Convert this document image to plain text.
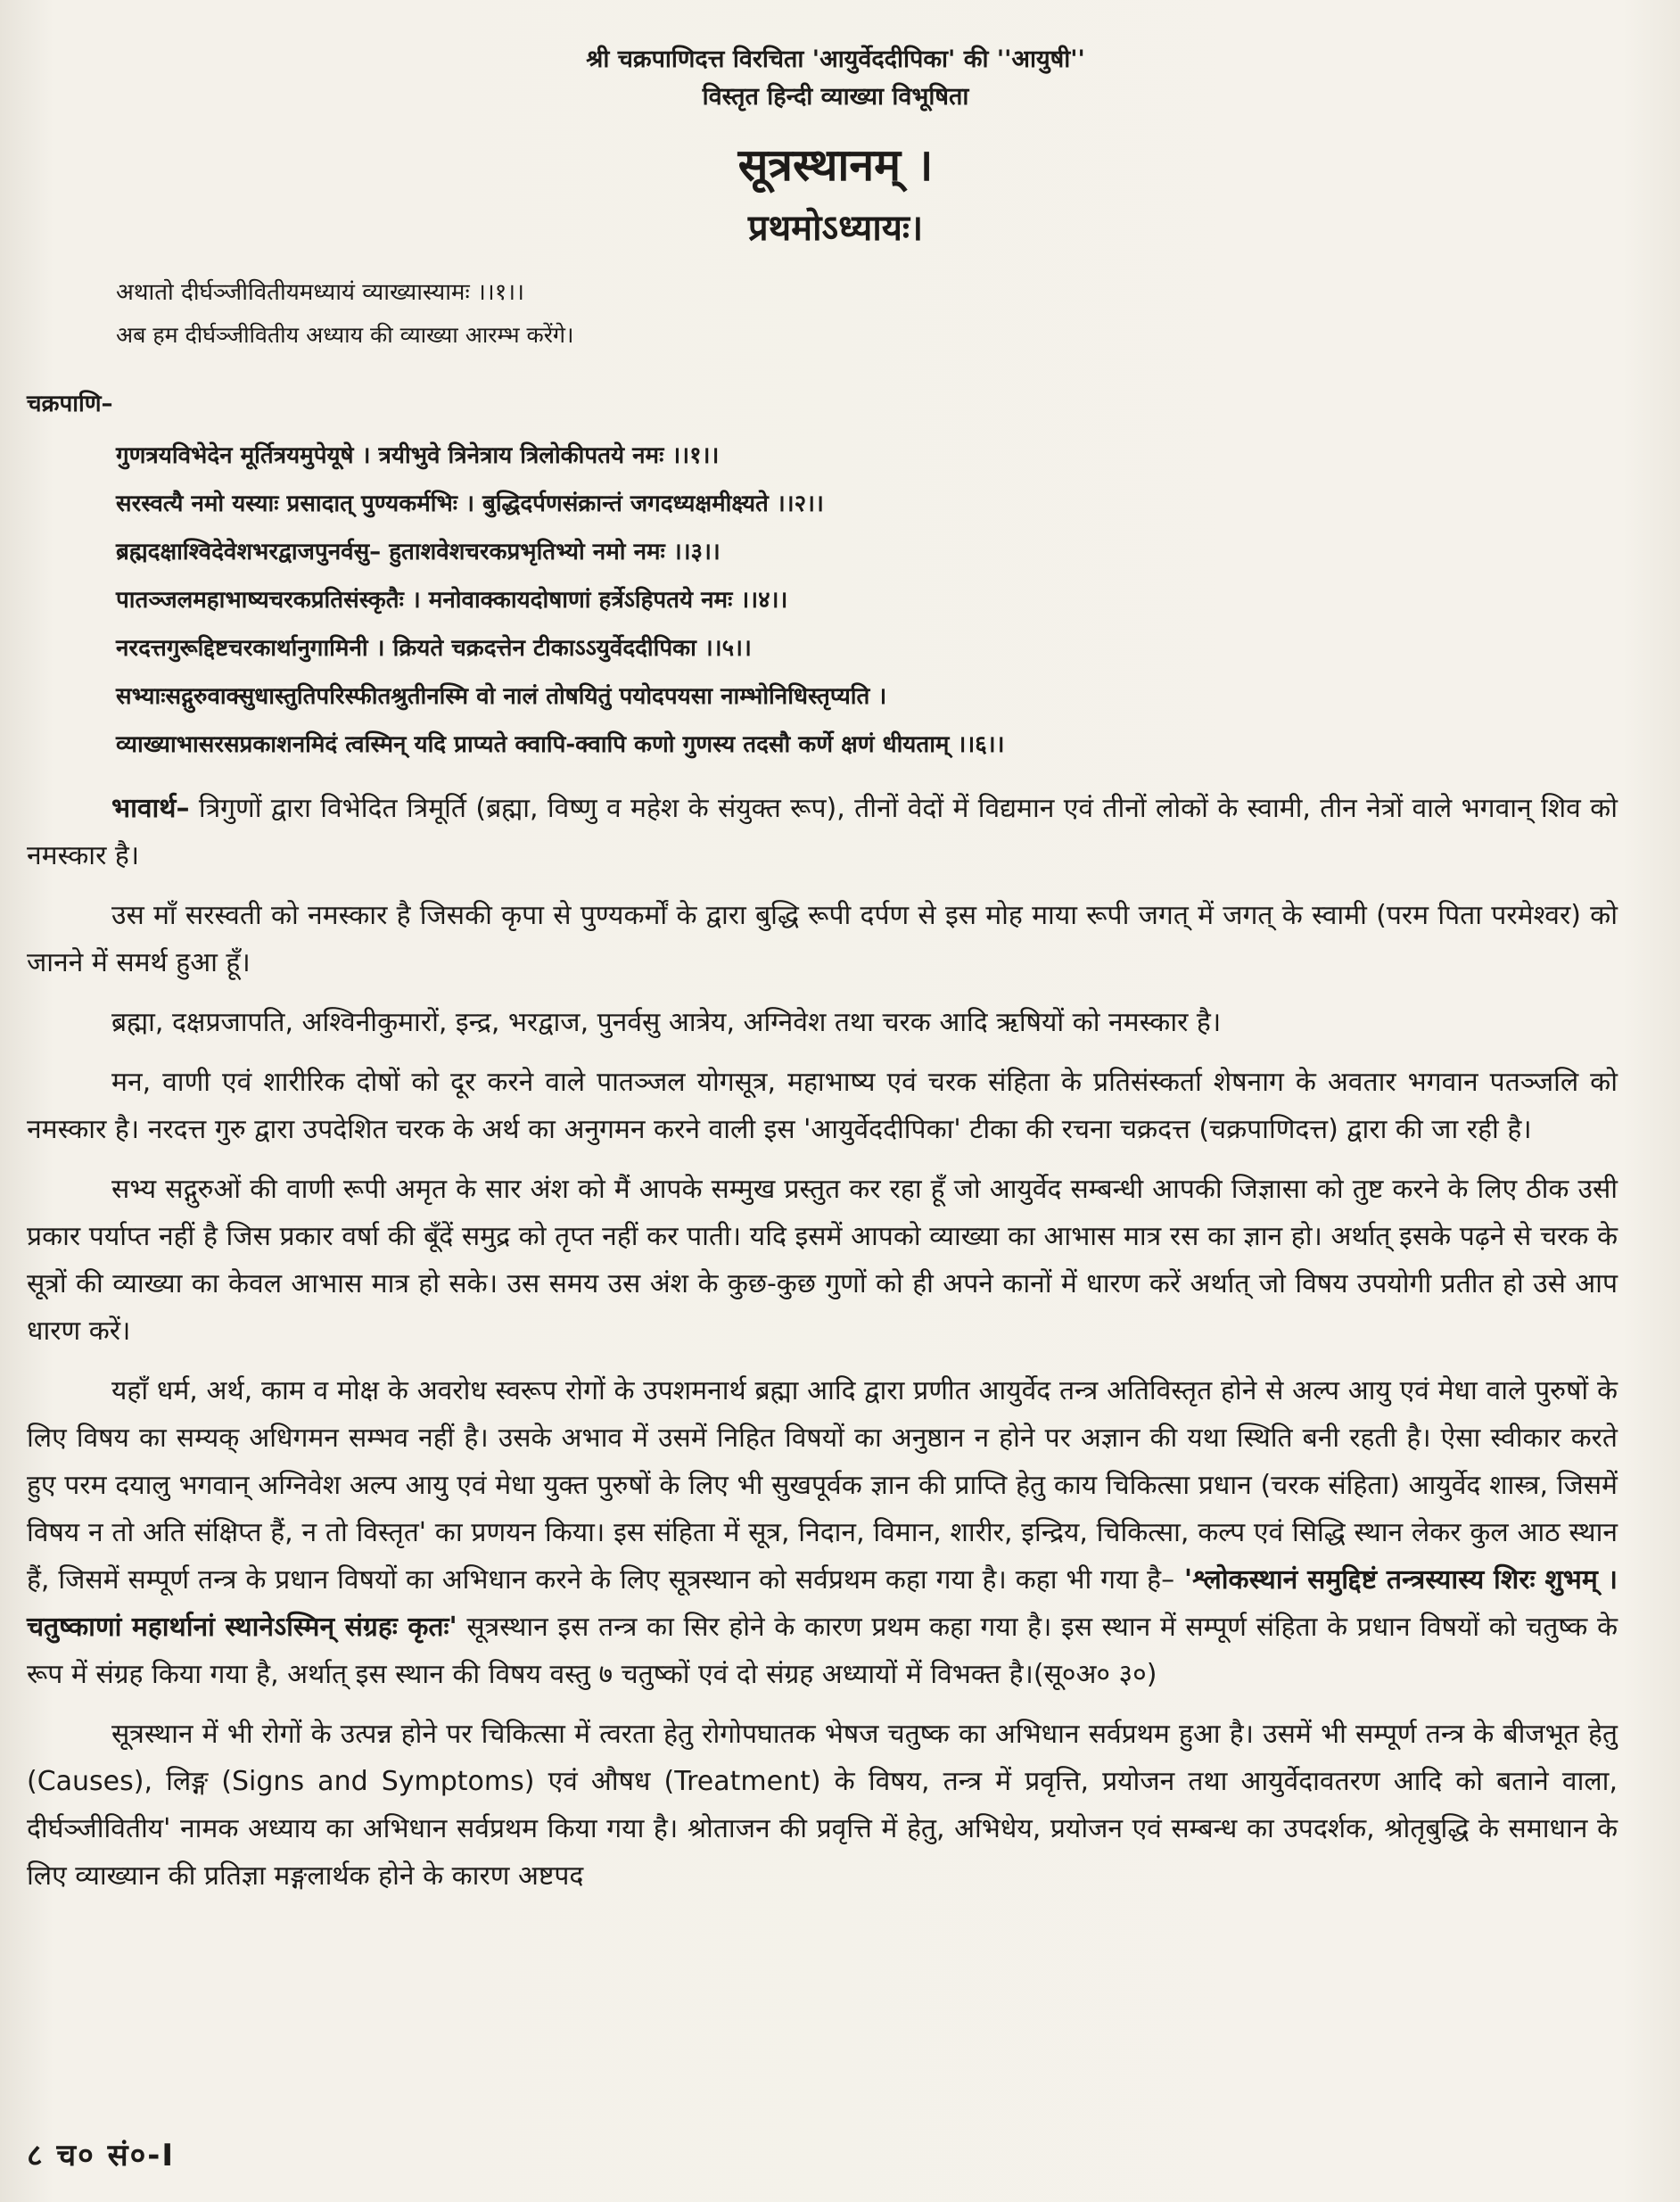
श्री चक्रपाणिदत्त विरचिता 'आयुर्वेददीपिका' की ''आयुषी''

विस्तृत हिन्दी व्याख्या विभूषिता

सूत्रस्थानम् ।
प्रथमोऽध्यायः।

अथातो दीर्घञ्जीवितीयमध्यायं व्याख्यास्यामः ।।१।।

अब हम दीर्घञ्जीवितीय अध्याय की व्याख्या आरम्भ करेंगे।

चक्रपाणि–

गुणत्रयविभेदेन मूर्तित्रयमुपेयूषे । त्रयीभुवे त्रिनेत्राय त्रिलोकीपतये नमः ।।१।।

सरस्वत्यै नमो यस्याः प्रसादात् पुण्यकर्मभिः । बुद्धिदर्पणसंक्रान्तं जगदध्यक्षमीक्ष्यते ।।२।।

ब्रह्मदक्षाश्विदेवेशभरद्वाजपुनर्वसु– हुताशवेशचरकप्रभृतिभ्यो नमो नमः ।।३।।

पातञ्जलमहाभाष्यचरकप्रतिसंस्कृतैः । मनोवाक्कायदोषाणां हर्त्रेऽहिपतये नमः ।।४।।

नरदत्तगुरूद्दिष्टचरकार्थानुगामिनी । क्रियते चक्रदत्तेन टीकाऽऽयुर्वेददीपिका ।।५।।

सभ्याःसद्गुरुवाक्सुधास्तुतिपरिस्फीतश्रुतीनस्मि वो नालं तोषयितुं पयोदपयसा नाम्भोनिधिस्तृप्यति ।

व्याख्याभासरसप्रकाशनमिदं त्वस्मिन् यदि प्राप्यते क्वापि-क्वापि कणो गुणस्य तदसौ कर्णे क्षणं धीयताम् ।।६।।

भावार्थ– त्रिगुणों द्वारा विभेदित त्रिमूर्ति (ब्रह्मा, विष्णु व महेश के संयुक्त रूप), तीनों वेदों में विद्यमान एवं तीनों लोकों के स्वामी, तीन नेत्रों वाले भगवान् शिव को नमस्कार है।

उस माँ सरस्वती को नमस्कार है जिसकी कृपा से पुण्यकर्मों के द्वारा बुद्धि रूपी दर्पण से इस मोह माया रूपी जगत् में जगत् के स्वामी (परम पिता परमेश्वर) को जानने में समर्थ हुआ हूँ।

ब्रह्मा, दक्षप्रजापति, अश्विनीकुमारों, इन्द्र, भरद्वाज, पुनर्वसु आत्रेय, अग्निवेश तथा चरक आदि ऋषियों को नमस्कार है।

मन, वाणी एवं शारीरिक दोषों को दूर करने वाले पातञ्जल योगसूत्र, महाभाष्य एवं चरक संहिता के प्रतिसंस्कर्ता शेषनाग के अवतार भगवान पतञ्जलि को नमस्कार है। नरदत्त गुरु द्वारा उपदेशित चरक के अर्थ का अनुगमन करने वाली इस 'आयुर्वेददीपिका' टीका की रचना चक्रदत्त (चक्रपाणिदत्त) द्वारा की जा रही है।

सभ्य सद्गुरुओं की वाणी रूपी अमृत के सार अंश को मैं आपके सम्मुख प्रस्तुत कर रहा हूँ जो आयुर्वेद सम्बन्धी आपकी जिज्ञासा को तुष्ट करने के लिए ठीक उसी प्रकार पर्याप्त नहीं है जिस प्रकार वर्षा की बूँदें समुद्र को तृप्त नहीं कर पाती। यदि इसमें आपको व्याख्या का आभास मात्र रस का ज्ञान हो। अर्थात् इसके पढ़ने से चरक के सूत्रों की व्याख्या का केवल आभास मात्र हो सके। उस समय उस अंश के कुछ-कुछ गुणों को ही अपने कानों में धारण करें अर्थात् जो विषय उपयोगी प्रतीत हो उसे आप धारण करें।

यहाँ धर्म, अर्थ, काम व मोक्ष के अवरोध स्वरूप रोगों के उपशमनार्थ ब्रह्मा आदि द्वारा प्रणीत आयुर्वेद तन्त्र अतिविस्तृत होने से अल्प आयु एवं मेधा वाले पुरुषों के लिए विषय का सम्यक् अधिगमन सम्भव नहीं है। उसके अभाव में उसमें निहित विषयों का अनुष्ठान न होने पर अज्ञान की यथा स्थिति बनी रहती है। ऐसा स्वीकार करते हुए परम दयालु भगवान् अग्निवेश अल्प आयु एवं मेधा युक्त पुरुषों के लिए भी सुखपूर्वक ज्ञान की प्राप्ति हेतु काय चिकित्सा प्रधान (चरक संहिता) आयुर्वेद शास्त्र, जिसमें विषय न तो अति संक्षिप्त हैं, न तो विस्तृत' का प्रणयन किया। इस संहिता में सूत्र, निदान, विमान, शारीर, इन्द्रिय, चिकित्सा, कल्प एवं सिद्धि स्थान लेकर कुल आठ स्थान हैं, जिसमें सम्पूर्ण तन्त्र के प्रधान विषयों का अभिधान करने के लिए सूत्रस्थान को सर्वप्रथम कहा गया है। कहा भी गया है– 'श्लोकस्थानं समुद्दिष्टं तन्त्रस्यास्य शिरः शुभम् । चतुष्काणां महार्थानां स्थानेऽस्मिन् संग्रहः कृतः' सूत्रस्थान इस तन्त्र का सिर होने के कारण प्रथम कहा गया है। इस स्थान में सम्पूर्ण संहिता के प्रधान विषयों को चतुष्क के रूप में संग्रह किया गया है, अर्थात् इस स्थान की विषय वस्तु ७ चतुष्कों एवं दो संग्रह अध्यायों में विभक्त है।(सू०अ० ३०)

सूत्रस्थान में भी रोगों के उत्पन्न होने पर चिकित्सा में त्वरता हेतु रोगोपघातक भेषज चतुष्क का अभिधान सर्वप्रथम हुआ है। उसमें भी सम्पूर्ण तन्त्र के बीजभूत हेतु (Causes), लिङ्ग (Signs and Symptoms) एवं औषध (Treatment) के विषय, तन्त्र में प्रवृत्ति, प्रयोजन तथा आयुर्वेदावतरण आदि को बताने वाला, दीर्घञ्जीवितीय' नामक अध्याय का अभिधान सर्वप्रथम किया गया है। श्रोताजन की प्रवृत्ति में हेतु, अभिधेय, प्रयोजन एवं सम्बन्ध का उपदर्शक, श्रोतृबुद्धि के समाधान के लिए व्याख्यान की प्रतिज्ञा मङ्गलार्थक होने के कारण अष्टपद

८ च० सं०-I
